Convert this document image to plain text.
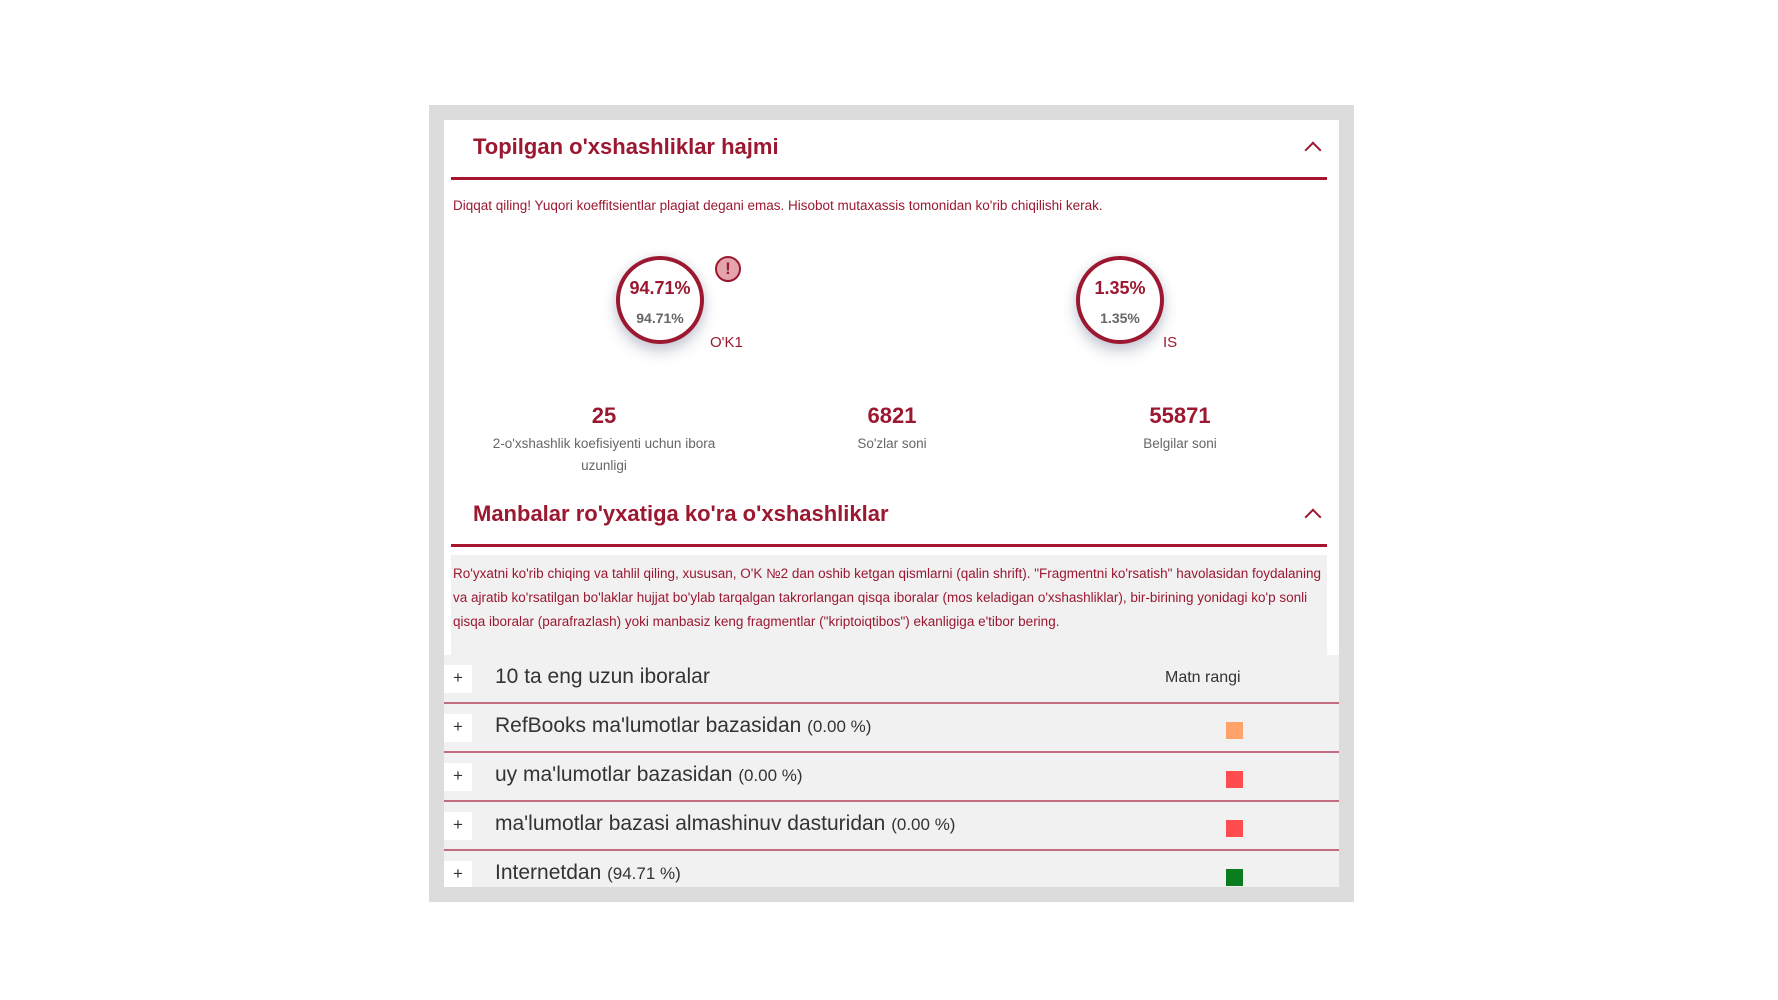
Topilgan o'xshashliklar hajmi
Diqqat qiling! Yuqori koeffitsientlar plagiat degani emas. Hisobot mutaxassis tomonidan ko'rib chiqilishi kerak.
94.71%
94.71%
!
O'K1
1.35%
1.35%
IS
25
2-o'xshashlik koefisiyenti uchun ibora uzunligi
6821
So'zlar soni
55871
Belgilar soni
Manbalar ro'yxatiga ko'ra o'xshashliklar
Ro'yxatni ko'rib chiqing va tahlil qiling, xususan, O'K №2 dan oshib ketgan qismlarni (qalin shrift). "Fragmentni ko'rsatish" havolasidan foydalaning va ajratib ko'rsatilgan bo'laklar hujjat bo'ylab tarqalgan takrorlangan qisqa iboralar (mos keladigan o'xshashliklar), bir-birining yonidagi ko'p sonli qisqa iboralar (parafrazlash) yoki manbasiz keng fragmentlar ("kriptoiqtibos") ekanligiga e'tibor bering.
+	10 ta eng uzun iboralar	Matn rangi
+	RefBooks ma'lumotlar bazasidan (0.00 %)
+	uy ma'lumotlar bazasidan (0.00 %)
+	ma'lumotlar bazasi almashinuv dasturidan (0.00 %)
+	Internetdan (94.71 %)
